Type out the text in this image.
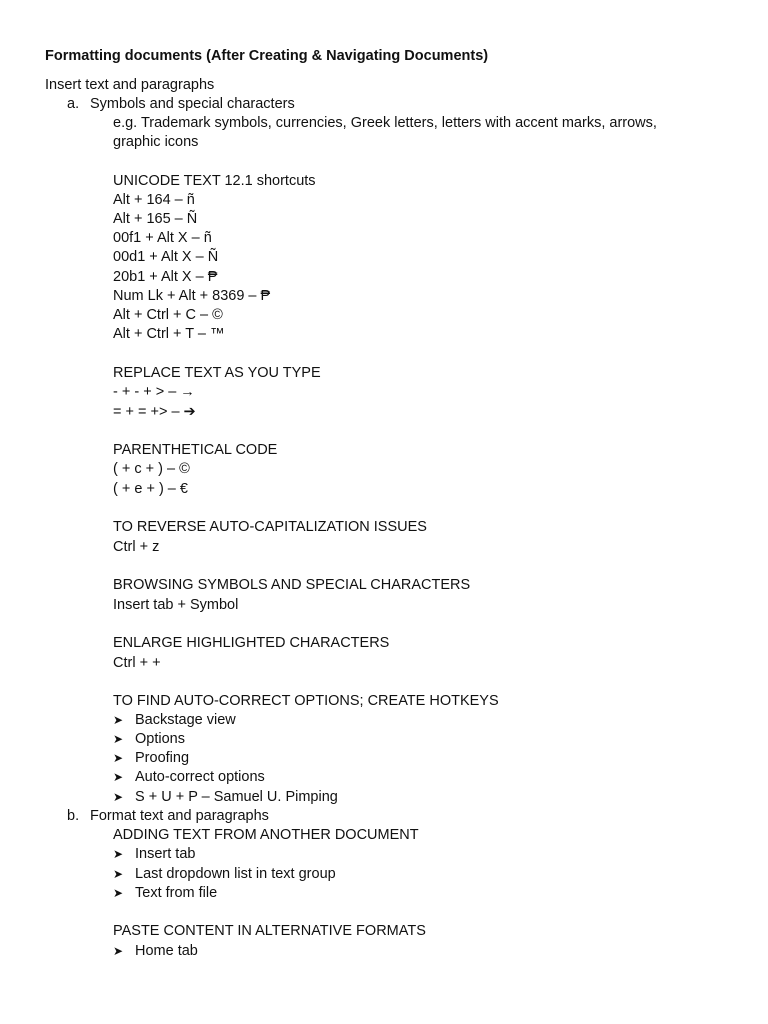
Formatting documents (After Creating & Navigating Documents)
Insert text and paragraphs
a. Symbols and special characters
e.g. Trademark symbols, currencies, Greek letters, letters with accent marks, arrows,
graphic icons
UNICODE TEXT 12.1 shortcuts
Alt + 164 – ñ
Alt + 165 – Ñ
00f1 + Alt X – ñ
00d1 + Alt X – Ñ
20b1 + Alt X – ₱
Num Lk + Alt + 8369 – ₱
Alt + Ctrl + C – ©
Alt + Ctrl + T – ™
REPLACE TEXT AS YOU TYPE
- + - + > – →
= + = +> – ➔
PARENTHETICAL CODE
( + c + ) – ©
( + e + ) – €
TO REVERSE AUTO-CAPITALIZATION ISSUES
Ctrl + z
BROWSING SYMBOLS AND SPECIAL CHARACTERS
Insert tab + Symbol
ENLARGE HIGHLIGHTED CHARACTERS
Ctrl + +
TO FIND AUTO-CORRECT OPTIONS; CREATE HOTKEYS
➤ Backstage view
➤ Options
➤ Proofing
➤ Auto-correct options
➤ S + U + P – Samuel U. Pimping
b. Format text and paragraphs
ADDING TEXT FROM ANOTHER DOCUMENT
➤ Insert tab
➤ Last dropdown list in text group
➤ Text from file
PASTE CONTENT IN ALTERNATIVE FORMATS
➤ Home tab
